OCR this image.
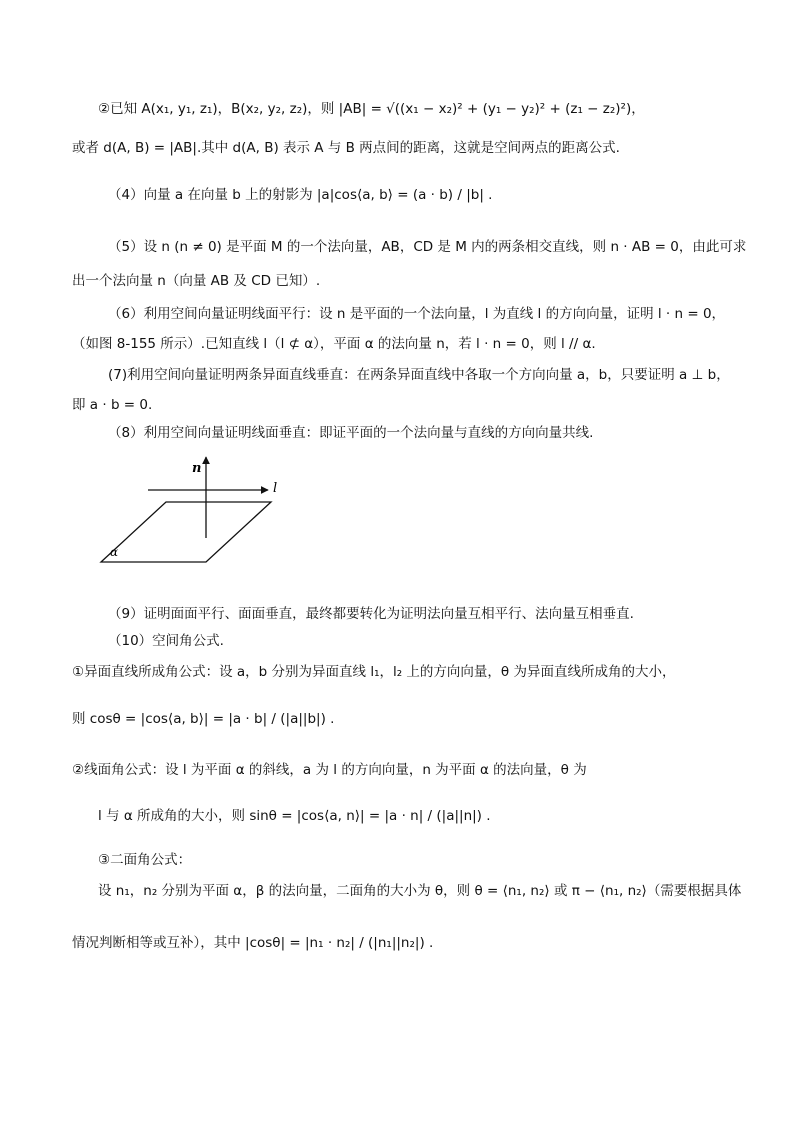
②已知 A(x₁, y₁, z₁)，B(x₂, y₂, z₂)，则 |AB| = √((x₁ − x₂)² + (y₁ − y₂)² + (z₁ − z₂)²)，
或者 d(A, B) = |AB|.其中 d(A, B) 表示 A 与 B 两点间的距离，这就是空间两点的距离公式.
（4）向量 a 在向量 b 上的射影为 |a|cos⟨a, b⟩ = (a · b) / |b| .
（5）设 n (n ≠ 0) 是平面 M 的一个法向量，AB，CD 是 M 内的两条相交直线，则 n · AB = 0，由此可求
出一个法向量 n（向量 AB 及 CD 已知）.
（6）利用空间向量证明线面平行：设 n 是平面的一个法向量，l 为直线 l 的方向向量，证明 l · n = 0，
（如图 8-155 所示）.已知直线 l（l ⊄ α），平面 α 的法向量 n，若 l · n = 0，则 l // α.
(7)利用空间向量证明两条异面直线垂直：在两条异面直线中各取一个方向向量 a，b，只要证明 a ⊥ b，
即 a · b = 0.
（8）利用空间向量证明线面垂直：即证平面的一个法向量与直线的方向向量共线.
n
l
α
（9）证明面面平行、面面垂直，最终都要转化为证明法向量互相平行、法向量互相垂直.
（10）空间角公式.
①异面直线所成角公式：设 a，b 分别为异面直线 l₁，l₂ 上的方向向量，θ 为异面直线所成角的大小，
则 cosθ = |cos⟨a, b⟩| = |a · b| / (|a||b|) .
②线面角公式：设 l 为平面 α 的斜线，a 为 l 的方向向量，n 为平面 α 的法向量，θ 为
l 与 α 所成角的大小，则 sinθ = |cos⟨a, n⟩| = |a · n| / (|a||n|) .
③二面角公式：
设 n₁，n₂ 分别为平面 α，β 的法向量，二面角的大小为 θ，则 θ = ⟨n₁, n₂⟩ 或 π − ⟨n₁, n₂⟩（需要根据具体
情况判断相等或互补），其中 |cosθ| = |n₁ · n₂| / (|n₁||n₂|) .
